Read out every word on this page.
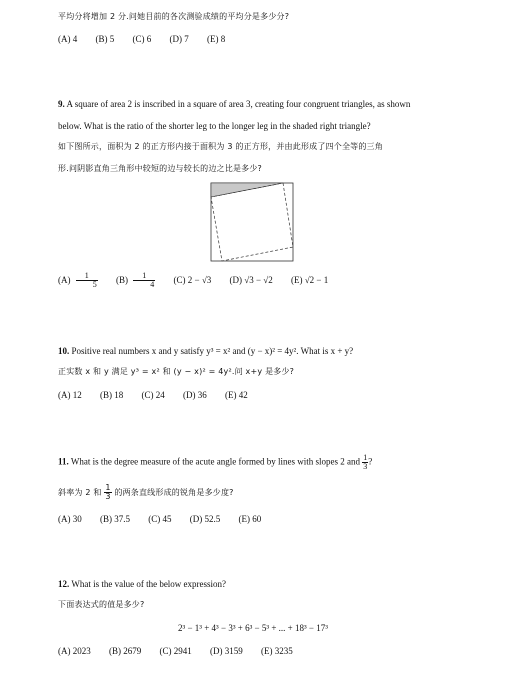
平均分将增加 2 分.问她目前的各次测验成绩的平均分是多少分?
(A) 4 (B) 5 (C) 6 (D) 7 (E) 8
9. A square of area 2 is inscribed in a square of area 3, creating four congruent triangles, as shown
below. What is the ratio of the shorter leg to the longer leg in the shaded right triangle?
如下图所示，面积为 2 的正方形内接于面积为 3 的正方形，并由此形成了四个全等的三角
形.问阴影直角三角形中较短的边与较长的边之比是多少?
$(A) \frac{1}{5} (B) \frac{1}{4} (C) 2 - √3$ (D) √3 − √2 (E) √2 − 1
10. Positive real numbers x and y satisfy y³ = x² and (y − x)² = 4y². What is x + y?
正实数 x 和 y 满足 y³ = x² 和 (y − x)² = 4y².问 x+y 是多少?
(A) 12 (B) 18 (C) 24 (D) 36 (E) 42
11. What is the degree measure of the acute angle formed by lines with slopes 2 and $\frac{1}{3}$ ?
斜率为 2 和 $\frac{1}{3}$ 的两条直线形成的锐角是多少度?
(A) 30 (B) 37.5 (C) 45 (D) 52.5 (E) 60
12. What is the value of the below expression?
下面表达式的值是多少?
2³ − 1³ + 4³ − 3³ + 6³ − 5³ + ... + 18³ − 17³
(A) 2023 (B) 2679 (C) 2941 (D) 3159 (E) 3235
